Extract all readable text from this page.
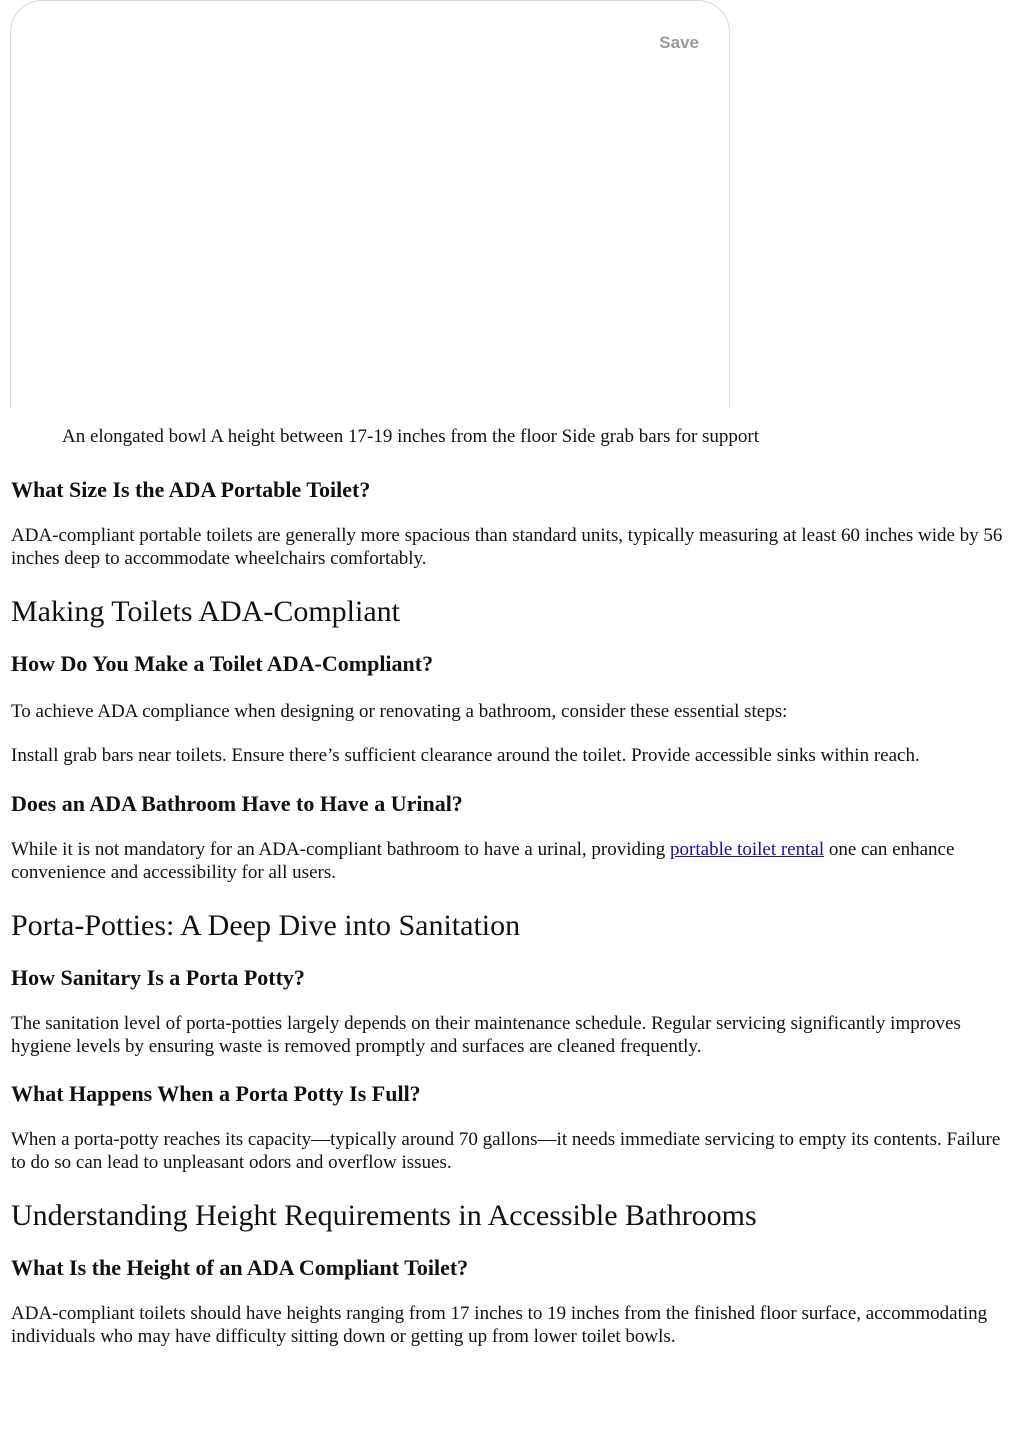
Save

An elongated bowl A height between 17-19 inches from the floor Side grab bars for support

What Size Is the ADA Portable Toilet?

ADA-compliant portable toilets are generally more spacious than standard units, typically measuring at least 60 inches wide by 56 inches deep to accommodate wheelchairs comfortably.

Making Toilets ADA-Compliant
How Do You Make a Toilet ADA-Compliant?

To achieve ADA compliance when designing or renovating a bathroom, consider these essential steps:

Install grab bars near toilets. Ensure there’s sufficient clearance around the toilet. Provide accessible sinks within reach.

Does an ADA Bathroom Have to Have a Urinal?

While it is not mandatory for an ADA-compliant bathroom to have a urinal, providing portable toilet rental one can enhance convenience and accessibility for all users.

Porta-Potties: A Deep Dive into Sanitation
How Sanitary Is a Porta Potty?

The sanitation level of porta-potties largely depends on their maintenance schedule. Regular servicing significantly improves hygiene levels by ensuring waste is removed promptly and surfaces are cleaned frequently.

What Happens When a Porta Potty Is Full?

When a porta-potty reaches its capacity—typically around 70 gallons—it needs immediate servicing to empty its contents. Failure to do so can lead to unpleasant odors and overflow issues.

Understanding Height Requirements in Accessible Bathrooms
What Is the Height of an ADA Compliant Toilet?

ADA-compliant toilets should have heights ranging from 17 inches to 19 inches from the finished floor surface, accommodating individuals who may have difficulty sitting down or getting up from lower toilet bowls.
